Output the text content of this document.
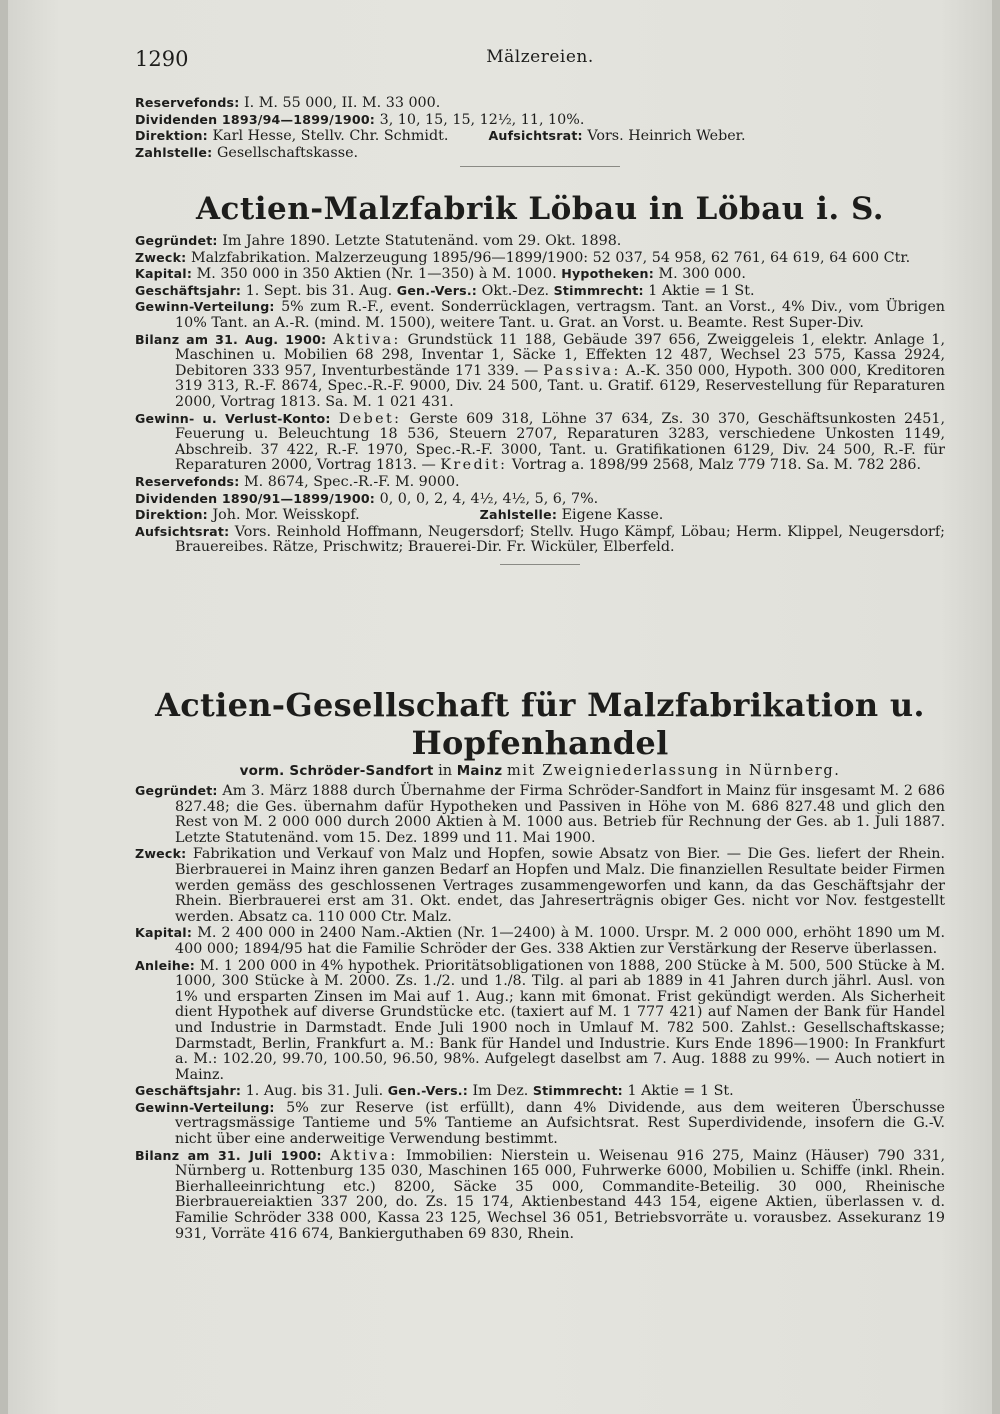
1290	Mälzereien.

Reservefonds: I. M. 55 000, II. M. 33 000.

Dividenden 1893/94—1899/1900: 3, 10, 15, 15, 12½, 11, 10%.

Direktion: Karl Hesse, Stellv. Chr. Schmidt.	Aufsichtsrat: Vors. Heinrich Weber.

Zahlstelle: Gesellschaftskasse.

Actien-Malzfabrik Löbau in Löbau i. S.

Gegründet: Im Jahre 1890. Letzte Statutenänd. vom 29. Okt. 1898.

Zweck: Malzfabrikation. Malzerzeugung 1895/96—1899/1900: 52 037, 54 958, 62 761, 64 619, 64 600 Ctr.

Kapital: M. 350 000 in 350 Aktien (Nr. 1—350) à M. 1000. Hypotheken: M. 300 000.

Geschäftsjahr: 1. Sept. bis 31. Aug. Gen.-Vers.: Okt.-Dez. Stimmrecht: 1 Aktie = 1 St.

Gewinn-Verteilung: 5% zum R.-F., event. Sonderrücklagen, vertragsm. Tant. an Vorst., 4% Div., vom Übrigen 10% Tant. an A.-R. (mind. M. 1500), weitere Tant. u. Grat. an Vorst. u. Beamte. Rest Super-Div.

Bilanz am 31. Aug. 1900: Aktiva: Grundstück 11 188, Gebäude 397 656, Zweiggeleis 1, elektr. Anlage 1, Maschinen u. Mobilien 68 298, Inventar 1, Säcke 1, Effekten 12 487, Wechsel 23 575, Kassa 2924, Debitoren 333 957, Inventurbestände 171 339. — Passiva: A.-K. 350 000, Hypoth. 300 000, Kreditoren 319 313, R.-F. 8674, Spec.-R.-F. 9000, Div. 24 500, Tant. u. Gratif. 6129, Reservestellung für Reparaturen 2000, Vortrag 1813. Sa. M. 1 021 431.

Gewinn- u. Verlust-Konto: Debet: Gerste 609 318, Löhne 37 634, Zs. 30 370, Geschäftsunkosten 2451, Feuerung u. Beleuchtung 18 536, Steuern 2707, Reparaturen 3283, verschiedene Unkosten 1149, Abschreib. 37 422, R.-F. 1970, Spec.-R.-F. 3000, Tant. u. Gratifikationen 6129, Div. 24 500, R.-F. für Reparaturen 2000, Vortrag 1813. — Kredit: Vortrag a. 1898/99 2568, Malz 779 718. Sa. M. 782 286.

Reservefonds: M. 8674, Spec.-R.-F. M. 9000.

Dividenden 1890/91—1899/1900: 0, 0, 0, 2, 4, 4½, 4½, 5, 6, 7%.

Direktion: Joh. Mor. Weisskopf.	Zahlstelle: Eigene Kasse.

Aufsichtsrat: Vors. Reinhold Hoffmann, Neugersdorf; Stellv. Hugo Kämpf, Löbau; Herm. Klippel, Neugersdorf; Brauereibes. Rätze, Prischwitz; Brauerei-Dir. Fr. Wicküler, Elberfeld.

Actien-Gesellschaft für Malzfabrikation u. Hopfenhandel

vorm. Schröder-Sandfort in Mainz mit Zweigniederlassung in Nürnberg.

Gegründet: Am 3. März 1888 durch Übernahme der Firma Schröder-Sandfort in Mainz für insgesamt M. 2 686 827.48; die Ges. übernahm dafür Hypotheken und Passiven in Höhe von M. 686 827.48 und glich den Rest von M. 2 000 000 durch 2000 Aktien à M. 1000 aus. Betrieb für Rechnung der Ges. ab 1. Juli 1887. Letzte Statutenänd. vom 15. Dez. 1899 und 11. Mai 1900.

Zweck: Fabrikation und Verkauf von Malz und Hopfen, sowie Absatz von Bier. — Die Ges. liefert der Rhein. Bierbrauerei in Mainz ihren ganzen Bedarf an Hopfen und Malz. Die finanziellen Resultate beider Firmen werden gemäss des geschlossenen Vertrages zusammengeworfen und kann, da das Geschäftsjahr der Rhein. Bierbrauerei erst am 31. Okt. endet, das Jahreserträgnis obiger Ges. nicht vor Nov. festgestellt werden. Absatz ca. 110 000 Ctr. Malz.

Kapital: M. 2 400 000 in 2400 Nam.-Aktien (Nr. 1—2400) à M. 1000. Urspr. M. 2 000 000, erhöht 1890 um M. 400 000; 1894/95 hat die Familie Schröder der Ges. 338 Aktien zur Verstärkung der Reserve überlassen.

Anleihe: M. 1 200 000 in 4% hypothek. Prioritätsobligationen von 1888, 200 Stücke à M. 500, 500 Stücke à M. 1000, 300 Stücke à M. 2000. Zs. 1./2. und 1./8. Tilg. al pari ab 1889 in 41 Jahren durch jährl. Ausl. von 1% und ersparten Zinsen im Mai auf 1. Aug.; kann mit 6monat. Frist gekündigt werden. Als Sicherheit dient Hypothek auf diverse Grundstücke etc. (taxiert auf M. 1 777 421) auf Namen der Bank für Handel und Industrie in Darmstadt. Ende Juli 1900 noch in Umlauf M. 782 500. Zahlst.: Gesellschaftskasse; Darmstadt, Berlin, Frankfurt a. M.: Bank für Handel und Industrie. Kurs Ende 1896—1900: In Frankfurt a. M.: 102.20, 99.70, 100.50, 96.50, 98%. Aufgelegt daselbst am 7. Aug. 1888 zu 99%. — Auch notiert in Mainz.

Geschäftsjahr: 1. Aug. bis 31. Juli. Gen.-Vers.: Im Dez. Stimmrecht: 1 Aktie = 1 St.

Gewinn-Verteilung: 5% zur Reserve (ist erfüllt), dann 4% Dividende, aus dem weiteren Überschusse vertragsmässige Tantieme und 5% Tantieme an Aufsichtsrat. Rest Superdividende, insofern die G.-V. nicht über eine anderweitige Verwendung bestimmt.

Bilanz am 31. Juli 1900: Aktiva: Immobilien: Nierstein u. Weisenau 916 275, Mainz (Häuser) 790 331, Nürnberg u. Rottenburg 135 030, Maschinen 165 000, Fuhrwerke 6000, Mobilien u. Schiffe (inkl. Rhein. Bierhalleeinrichtung etc.) 8200, Säcke 35 000, Commandite-Beteilig. 30 000, Rheinische Bierbrauereiaktien 337 200, do. Zs. 15 174, Aktienbestand 443 154, eigene Aktien, überlassen v. d. Familie Schröder 338 000, Kassa 23 125, Wechsel 36 051, Betriebsvorräte u. vorausbez. Assekuranz 19 931, Vorräte 416 674, Bankierguthaben 69 830, Rhein.
